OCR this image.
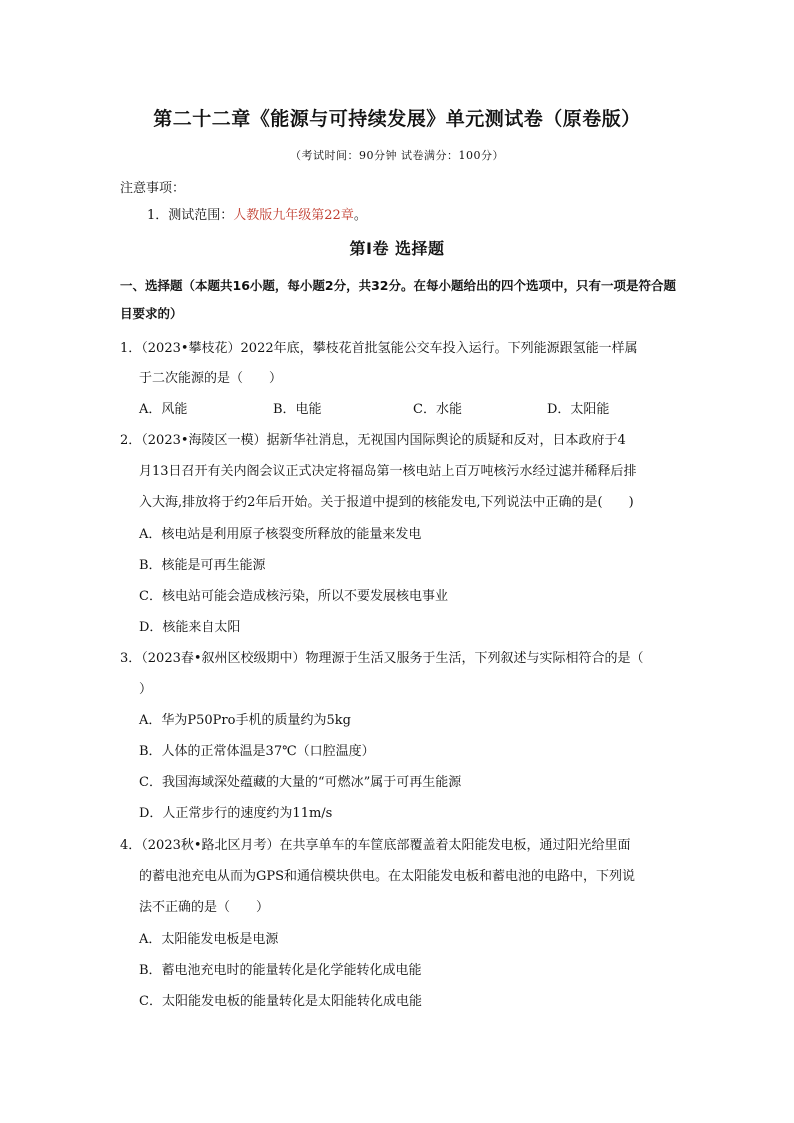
第二十二章《能源与可持续发展》单元测试卷（原卷版）
（考试时间：90分钟 试卷满分：100分）
注意事项：
1．测试范围：人教版九年级第22章。
第Ⅰ卷 选择题
一、选择题（本题共16小题，每小题2分，共32分。在每小题给出的四个选项中，只有一项是符合题目要求的）
1．（2023•攀枝花）2022年底，攀枝花首批氢能公交车投入运行。下列能源跟氢能一样属
于二次能源的是（　　）
A．风能	B．电能	C．水能	D．太阳能
2．（2023•海陵区一模）据新华社消息，无视国内国际舆论的质疑和反对，日本政府于4
月13日召开有关内阁会议正式决定将福岛第一核电站上百万吨核污水经过滤并稀释后排
入大海,排放将于约2年后开始。关于报道中提到的核能发电,下列说法中正确的是(　　)
A．核电站是利用原子核裂变所释放的能量来发电
B．核能是可再生能源
C．核电站可能会造成核污染，所以不要发展核电事业
D．核能来自太阳
3．（2023春•叙州区校级期中）物理源于生活又服务于生活，下列叙述与实际相符合的是（
）
A．华为P50Pro手机的质量约为5kg
B．人体的正常体温是37℃（口腔温度）
C．我国海域深处蕴藏的大量的“可燃冰”属于可再生能源
D．人正常步行的速度约为11m/s
4．（2023秋•路北区月考）在共享单车的车筐底部覆盖着太阳能发电板，通过阳光给里面
的蓄电池充电从而为GPS和通信模块供电。在太阳能发电板和蓄电池的电路中，下列说
法不正确的是（　　）
A．太阳能发电板是电源
B．蓄电池充电时的能量转化是化学能转化成电能
C．太阳能发电板的能量转化是太阳能转化成电能
